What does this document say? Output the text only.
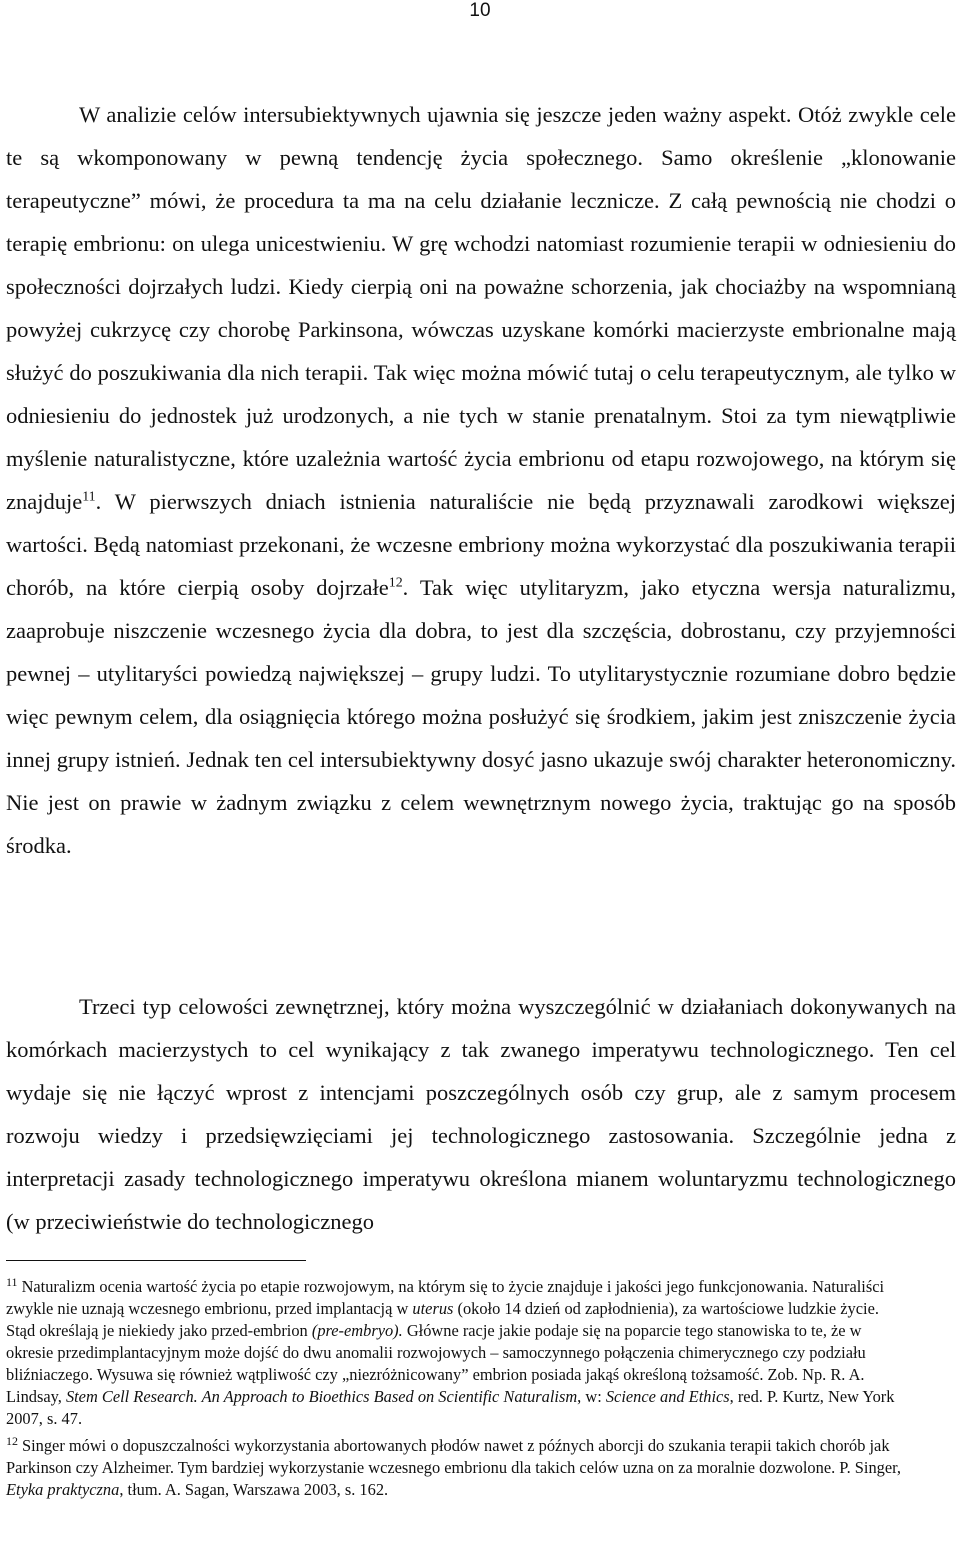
10

W analizie celów intersubiektywnych ujawnia się jeszcze jeden ważny aspekt. Otóż zwykle cele te są wkomponowany w pewną tendencję życia społecznego. Samo określenie „klonowanie terapeutyczne” mówi, że procedura ta ma na celu działanie lecznicze. Z całą pewnością nie chodzi o terapię embrionu: on ulega unicestwieniu. W grę wchodzi natomiast rozumienie terapii w odniesieniu do społeczności dojrzałych ludzi. Kiedy cierpią oni na poważne schorzenia, jak chociażby na wspomnianą powyżej cukrzycę czy chorobę Parkinsona, wówczas uzyskane komórki macierzyste embrionalne mają służyć do poszukiwania dla nich terapii. Tak więc można mówić tutaj o celu terapeutycznym, ale tylko w odniesieniu do jednostek już urodzonych, a nie tych w stanie prenatalnym. Stoi za tym niewątpliwie myślenie naturalistyczne, które uzależnia wartość życia embrionu od etapu rozwojowego, na którym się znajduje$^{11}$. W pierwszych dniach istnienia naturaliście nie będą przyznawali zarodkowi większej wartości. Będą natomiast przekonani, że wczesne embriony można wykorzystać dla poszukiwania terapii chorób, na które cierpią osoby dojrzałe$^{12}$. Tak więc utylitaryzm, jako etyczna wersja naturalizmu, zaaprobuje niszczenie wczesnego życia dla dobra, to jest dla szczęścia, dobrostanu, czy przyjemności pewnej – utylitaryści powiedzą największej – grupy ludzi. To utylitarystycznie rozumiane dobro będzie więc pewnym celem, dla osiągnięcia którego można posłużyć się środkiem, jakim jest zniszczenie życia innej grupy istnień. Jednak ten cel intersubiektywny dosyć jasno ukazuje swój charakter heteronomiczny. Nie jest on prawie w żadnym związku z celem wewnętrznym nowego życia, traktując go na sposób środka.

Trzeci typ celowości zewnętrznej, który można wyszczególnić w działaniach dokonywanych na komórkach macierzystych to cel wynikający z tak zwanego imperatywu technologicznego. Ten cel wydaje się nie łączyć wprost z intencjami poszczególnych osób czy grup, ale z samym procesem rozwoju wiedzy i przedsięwzięciami jej technologicznego zastosowania. Szczególnie jedna z interpretacji zasady technologicznego imperatywu określona mianem woluntaryzmu technologicznego (w przeciwieństwie do technologicznego

$^{11}$ Naturalizm ocenia wartość życia po etapie rozwojowym, na którym się to życie znajduje i jakości jego funkcjonowania. Naturaliści zwykle nie uznają wczesnego embrionu, przed implantacją w uterus (około 14 dzień od zapłodnienia), za wartościowe ludzkie życie. Stąd określają je niekiedy jako przed-embrion (pre-embryo). Główne racje jakie podaje się na poparcie tego stanowiska to te, że w okresie przedimplantacyjnym może dojść do dwu anomalii rozwojowych – samoczynnego połączenia chimerycznego czy podziału bliźniaczego. Wysuwa się również wątpliwość czy „niezróżnicowany” embrion posiada jakąś określoną tożsamość. Zob. Np. R. A. Lindsay, Stem Cell Research. An Approach to Bioethics Based on Scientific Naturalism, w: Science and Ethics, red. P. Kurtz, New York 2007, s. 47.

$^{12}$ Singer mówi o dopuszczalności wykorzystania abortowanych płodów nawet z późnych aborcji do szukania terapii takich chorób jak Parkinson czy Alzheimer. Tym bardziej wykorzystanie wczesnego embrionu dla takich celów uzna on za moralnie dozwolone. P. Singer, Etyka praktyczna, tłum. A. Sagan, Warszawa 2003, s. 162.
